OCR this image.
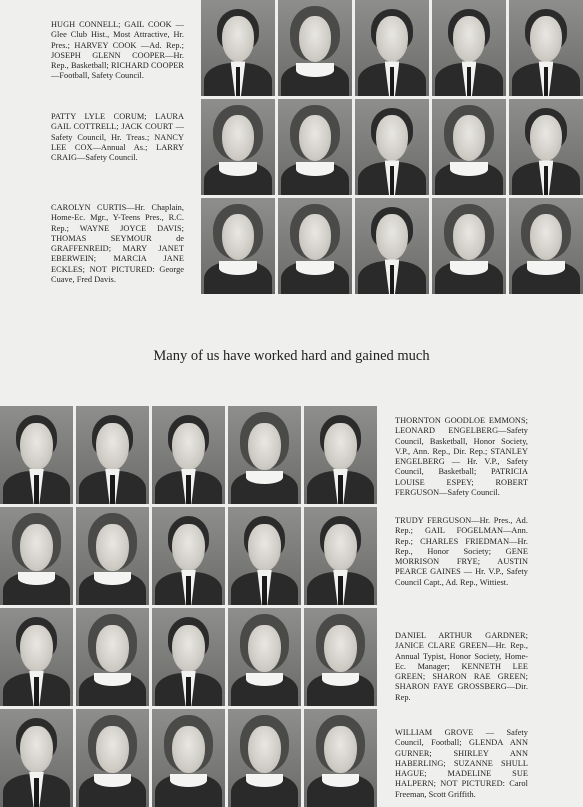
HUGH CONNELL; GAIL COOK —Glee Club Hist., Most Attractive, Hr. Pres.; HARVEY COOK —Ad. Rep.; JOSEPH GLENN COOPER—Hr. Rep., Basketball; RICHARD COOPER—Football, Safety Council.
PATTY LYLE CORUM; LAURA GAIL COTTRELL; JACK COURT — Safety Council, Hr. Treas.; NANCY LEE COX—Annual As.; LARRY CRAIG—Safety Council.
CAROLYN CURTIS—Hr. Chaplain, Home-Ec. Mgr., Y-Teens Pres., R.C. Rep.; WAYNE JOYCE DAVIS; THOMAS SEYMOUR de GRAFFENREID; MARY JANET EBERWEIN; MARCIA JANE ECKLES; NOT PICTURED: George Cuave, Fred Davis.
Many of us have worked hard and gained much
THORNTON GOODLOE EMMONS; LEONARD ENGELBERG—Safety Council, Basketball, Honor Society, V.P., Ann. Rep., Dir. Rep.; STANLEY ENGELBERG — Hr. V.P., Safety Council, Basketball; PATRICIA LOUISE ESPEY; ROBERT FERGUSON—Safety Council.
TRUDY FERGUSON—Hr. Pres., Ad. Rep.; GAIL FOGELMAN—Ann. Rep.; CHARLES FRIEDMAN—Hr. Rep., Honor Society; GENE MORRISON FRYE; AUSTIN PEARCE GAINES — Hr. V.P., Safety Council Capt., Ad. Rep., Wittiest.
DANIEL ARTHUR GARDNER; JANICE CLARE GREEN—Hr. Rep., Annual Typist, Honor Society, Home-Ec. Manager; KENNETH LEE GREEN; SHARON RAE GREEN; SHARON FAYE GROSSBERG—Dir. Rep.
WILLIAM GROVE — Safety Council, Football; GLENDA ANN GURNER; SHIRLEY ANN HABERLING; SUZANNE SHULL HAGUE; MADELINE SUE HALPERN; NOT PICTURED: Carol Freeman, Scott Griffith.
